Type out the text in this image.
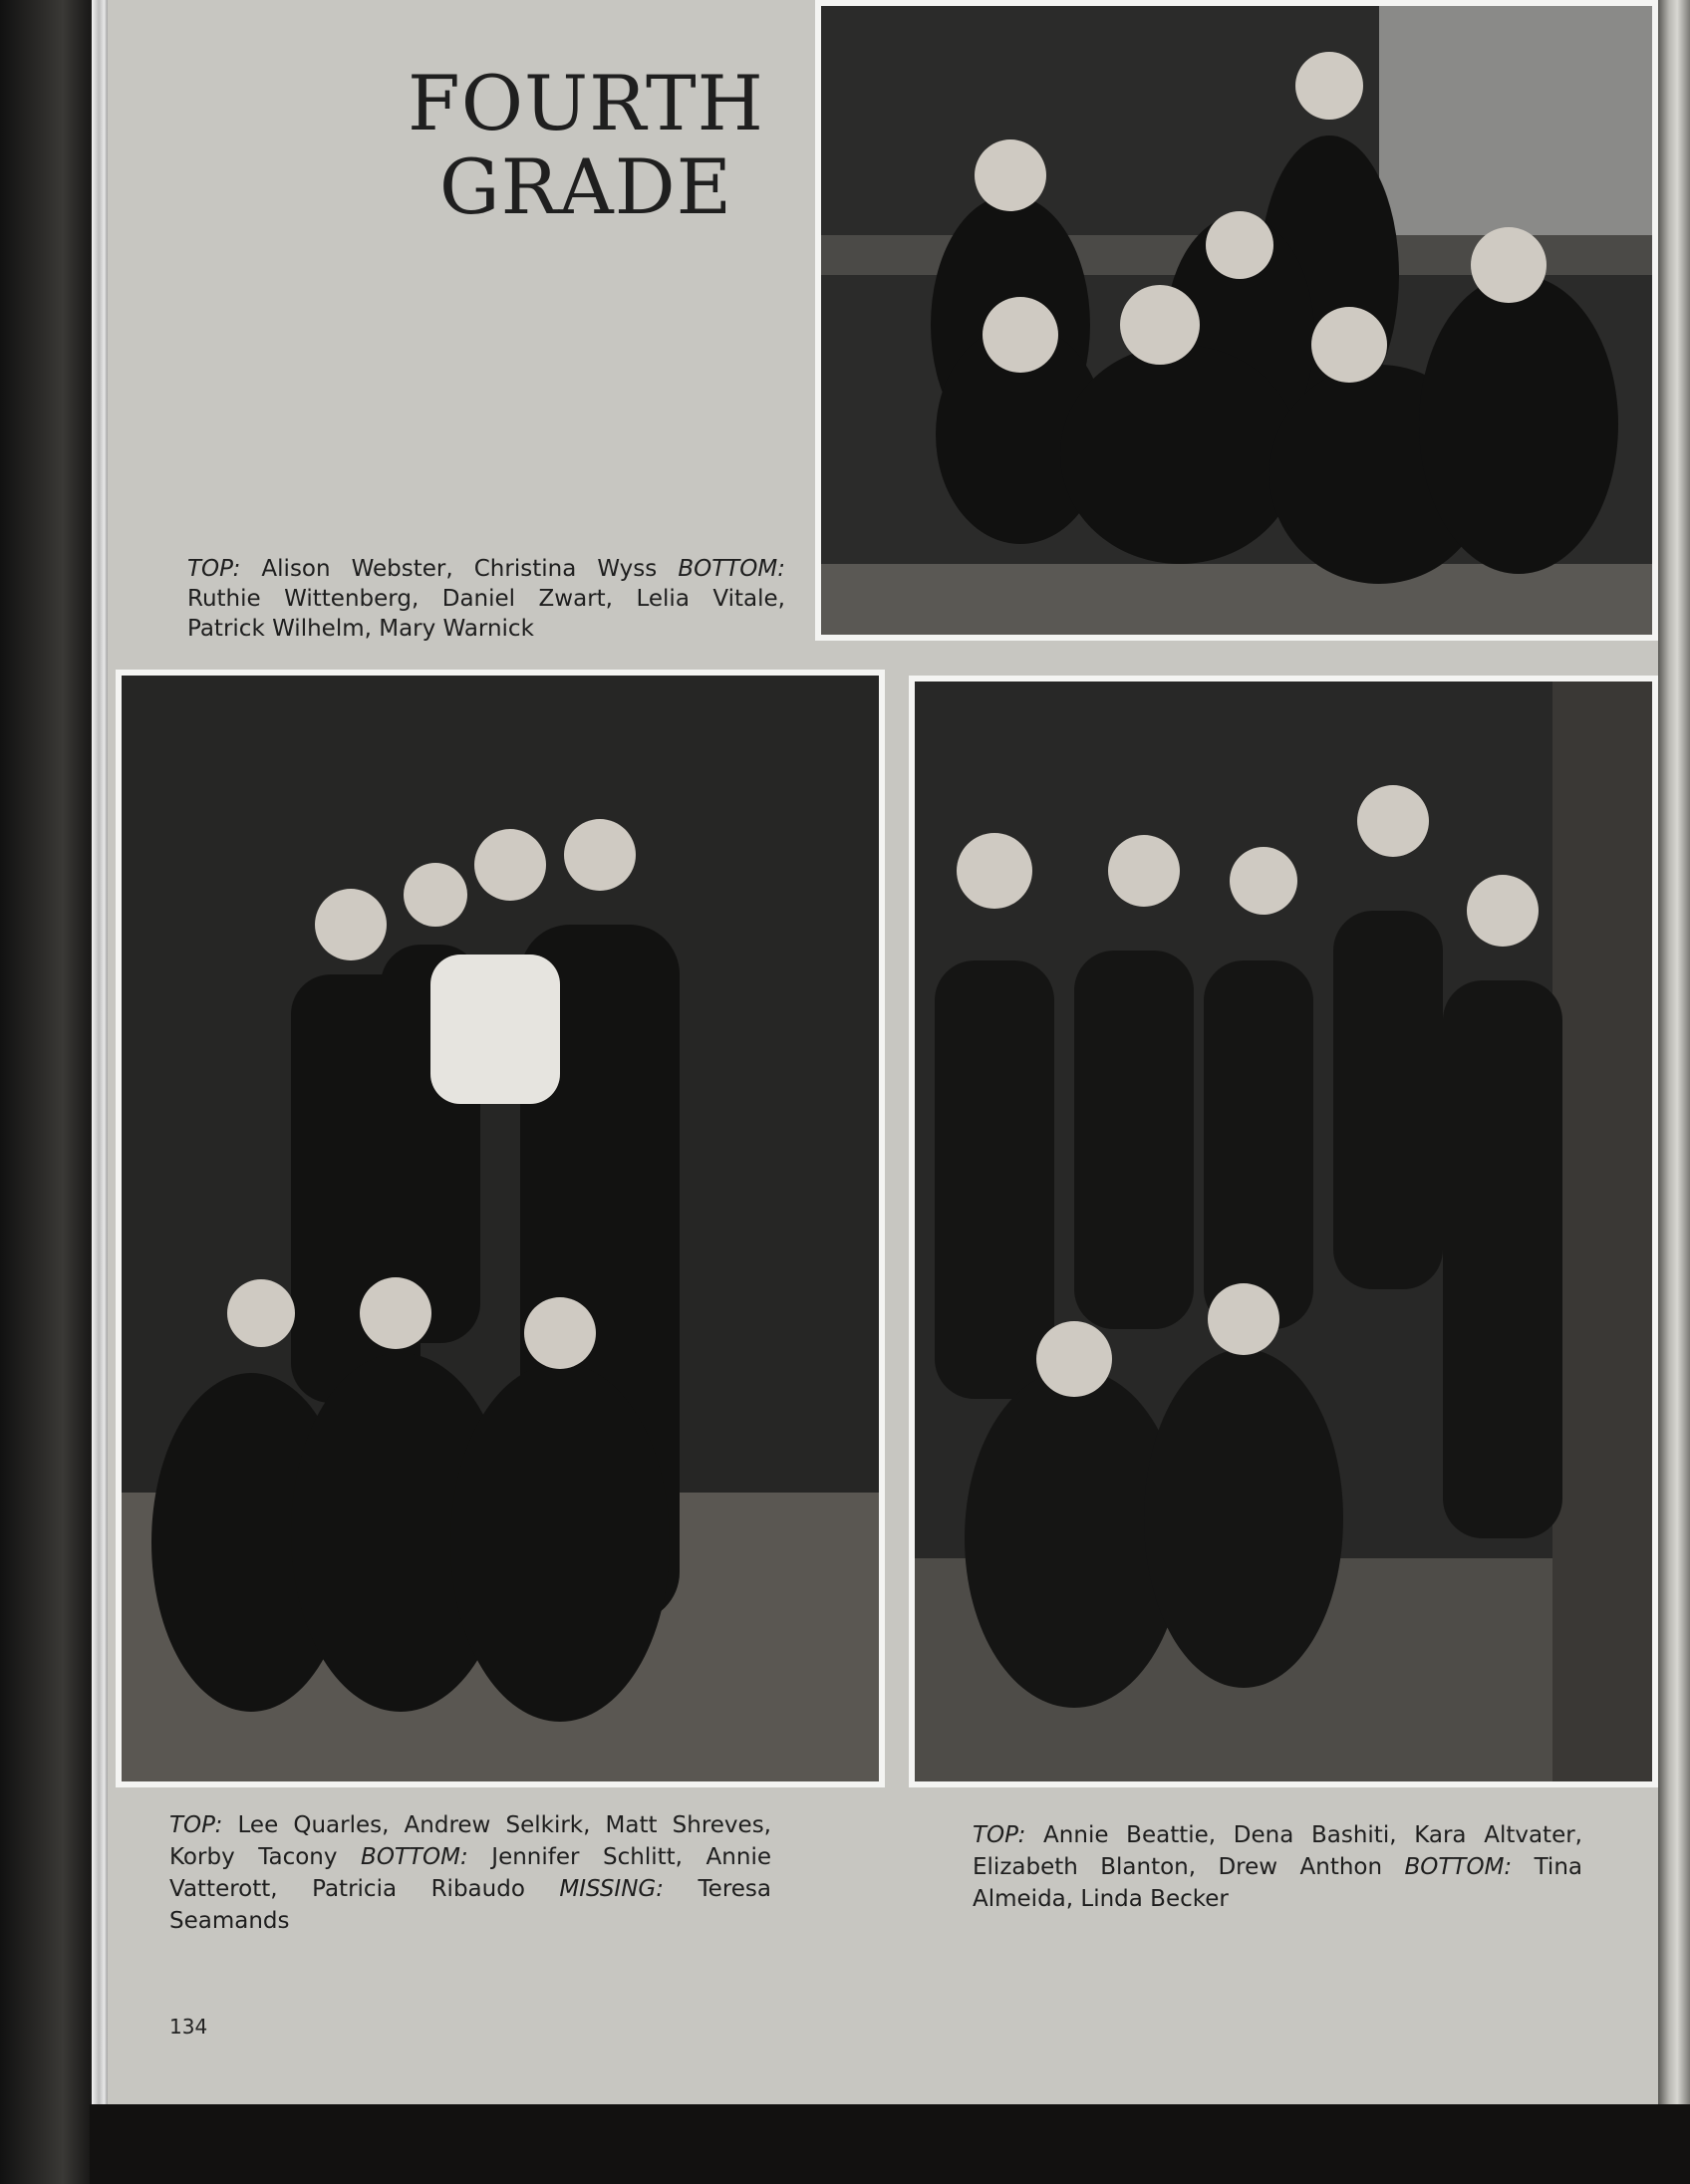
FOURTH
GRADE

TOP: Alison Webster, Christina Wyss BOTTOM: Ruthie Wittenberg, Daniel Zwart, Lelia Vitale, Patrick Wilhelm, Mary Warnick

TOP: Lee Quarles, Andrew Selkirk, Matt Shreves, Korby Tacony BOTTOM: Jennifer Schlitt, Annie Vatterott, Patricia Ribaudo MISSING: Teresa Seamands

TOP: Annie Beattie, Dena Bashiti, Kara Altvater, Elizabeth Blanton, Drew Anthon BOTTOM: Tina Almeida, Linda Becker

134
